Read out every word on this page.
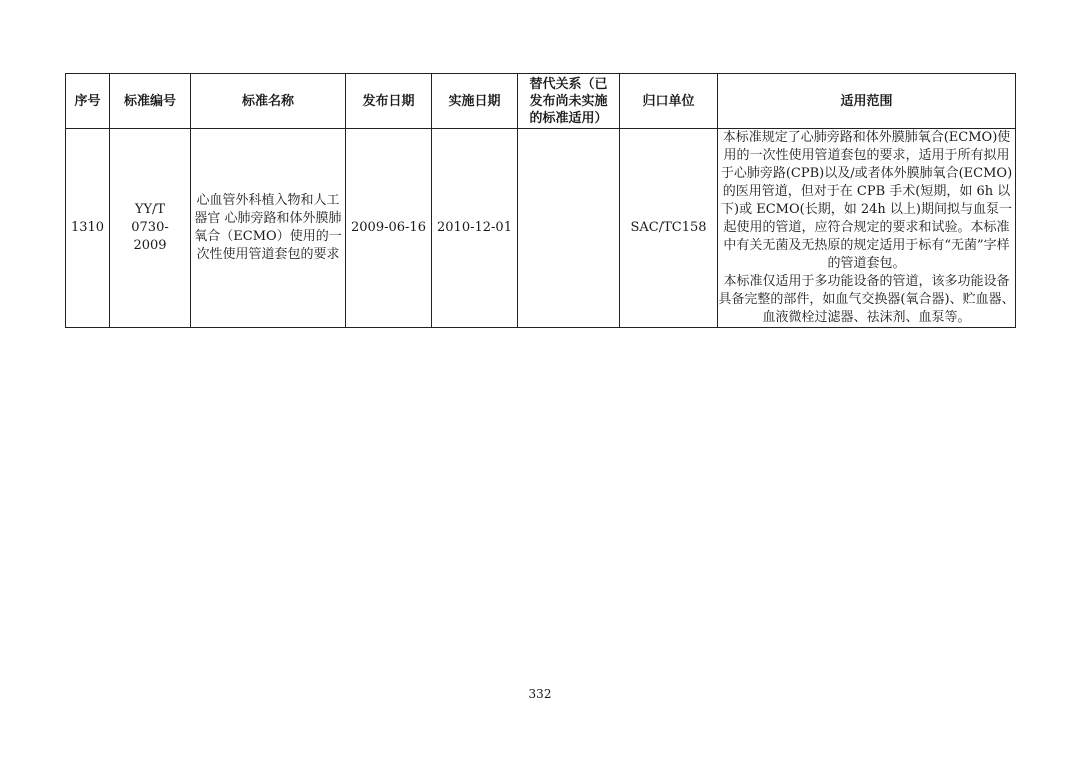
序号	标准编号	标准名称	发布日期	实施日期	替代关系（已发布尚未实施的标准适用）	归口单位	适用范围
1310	YY/T 0730-2009	心血管外科植入物和人工器官 心肺旁路和体外膜肺氧合（ECMO）使用的一次性使用管道套包的要求	2009-06-16	2010-12-01		SAC/TC158	本标准规定了心肺旁路和体外膜肺氧合(ECMO)使用的一次性使用管道套包的要求，适用于所有拟用于心肺旁路(CPB)以及/或者体外膜肺氧合(ECMO)的医用管道，但对于在 CPB 手术(短期，如 6h 以下)或 ECMO(长期，如 24h 以上)期间拟与血泵一起使用的管道，应符合规定的要求和试验。本标准中有关无菌及无热原的规定适用于标有“无菌”字样的管道套包。

本标准仅适用于多功能设备的管道，该多功能设备具备完整的部件，如血气交换器(氧合器)、贮血器、血液微栓过滤器、祛沫剂、血泵等。

332
